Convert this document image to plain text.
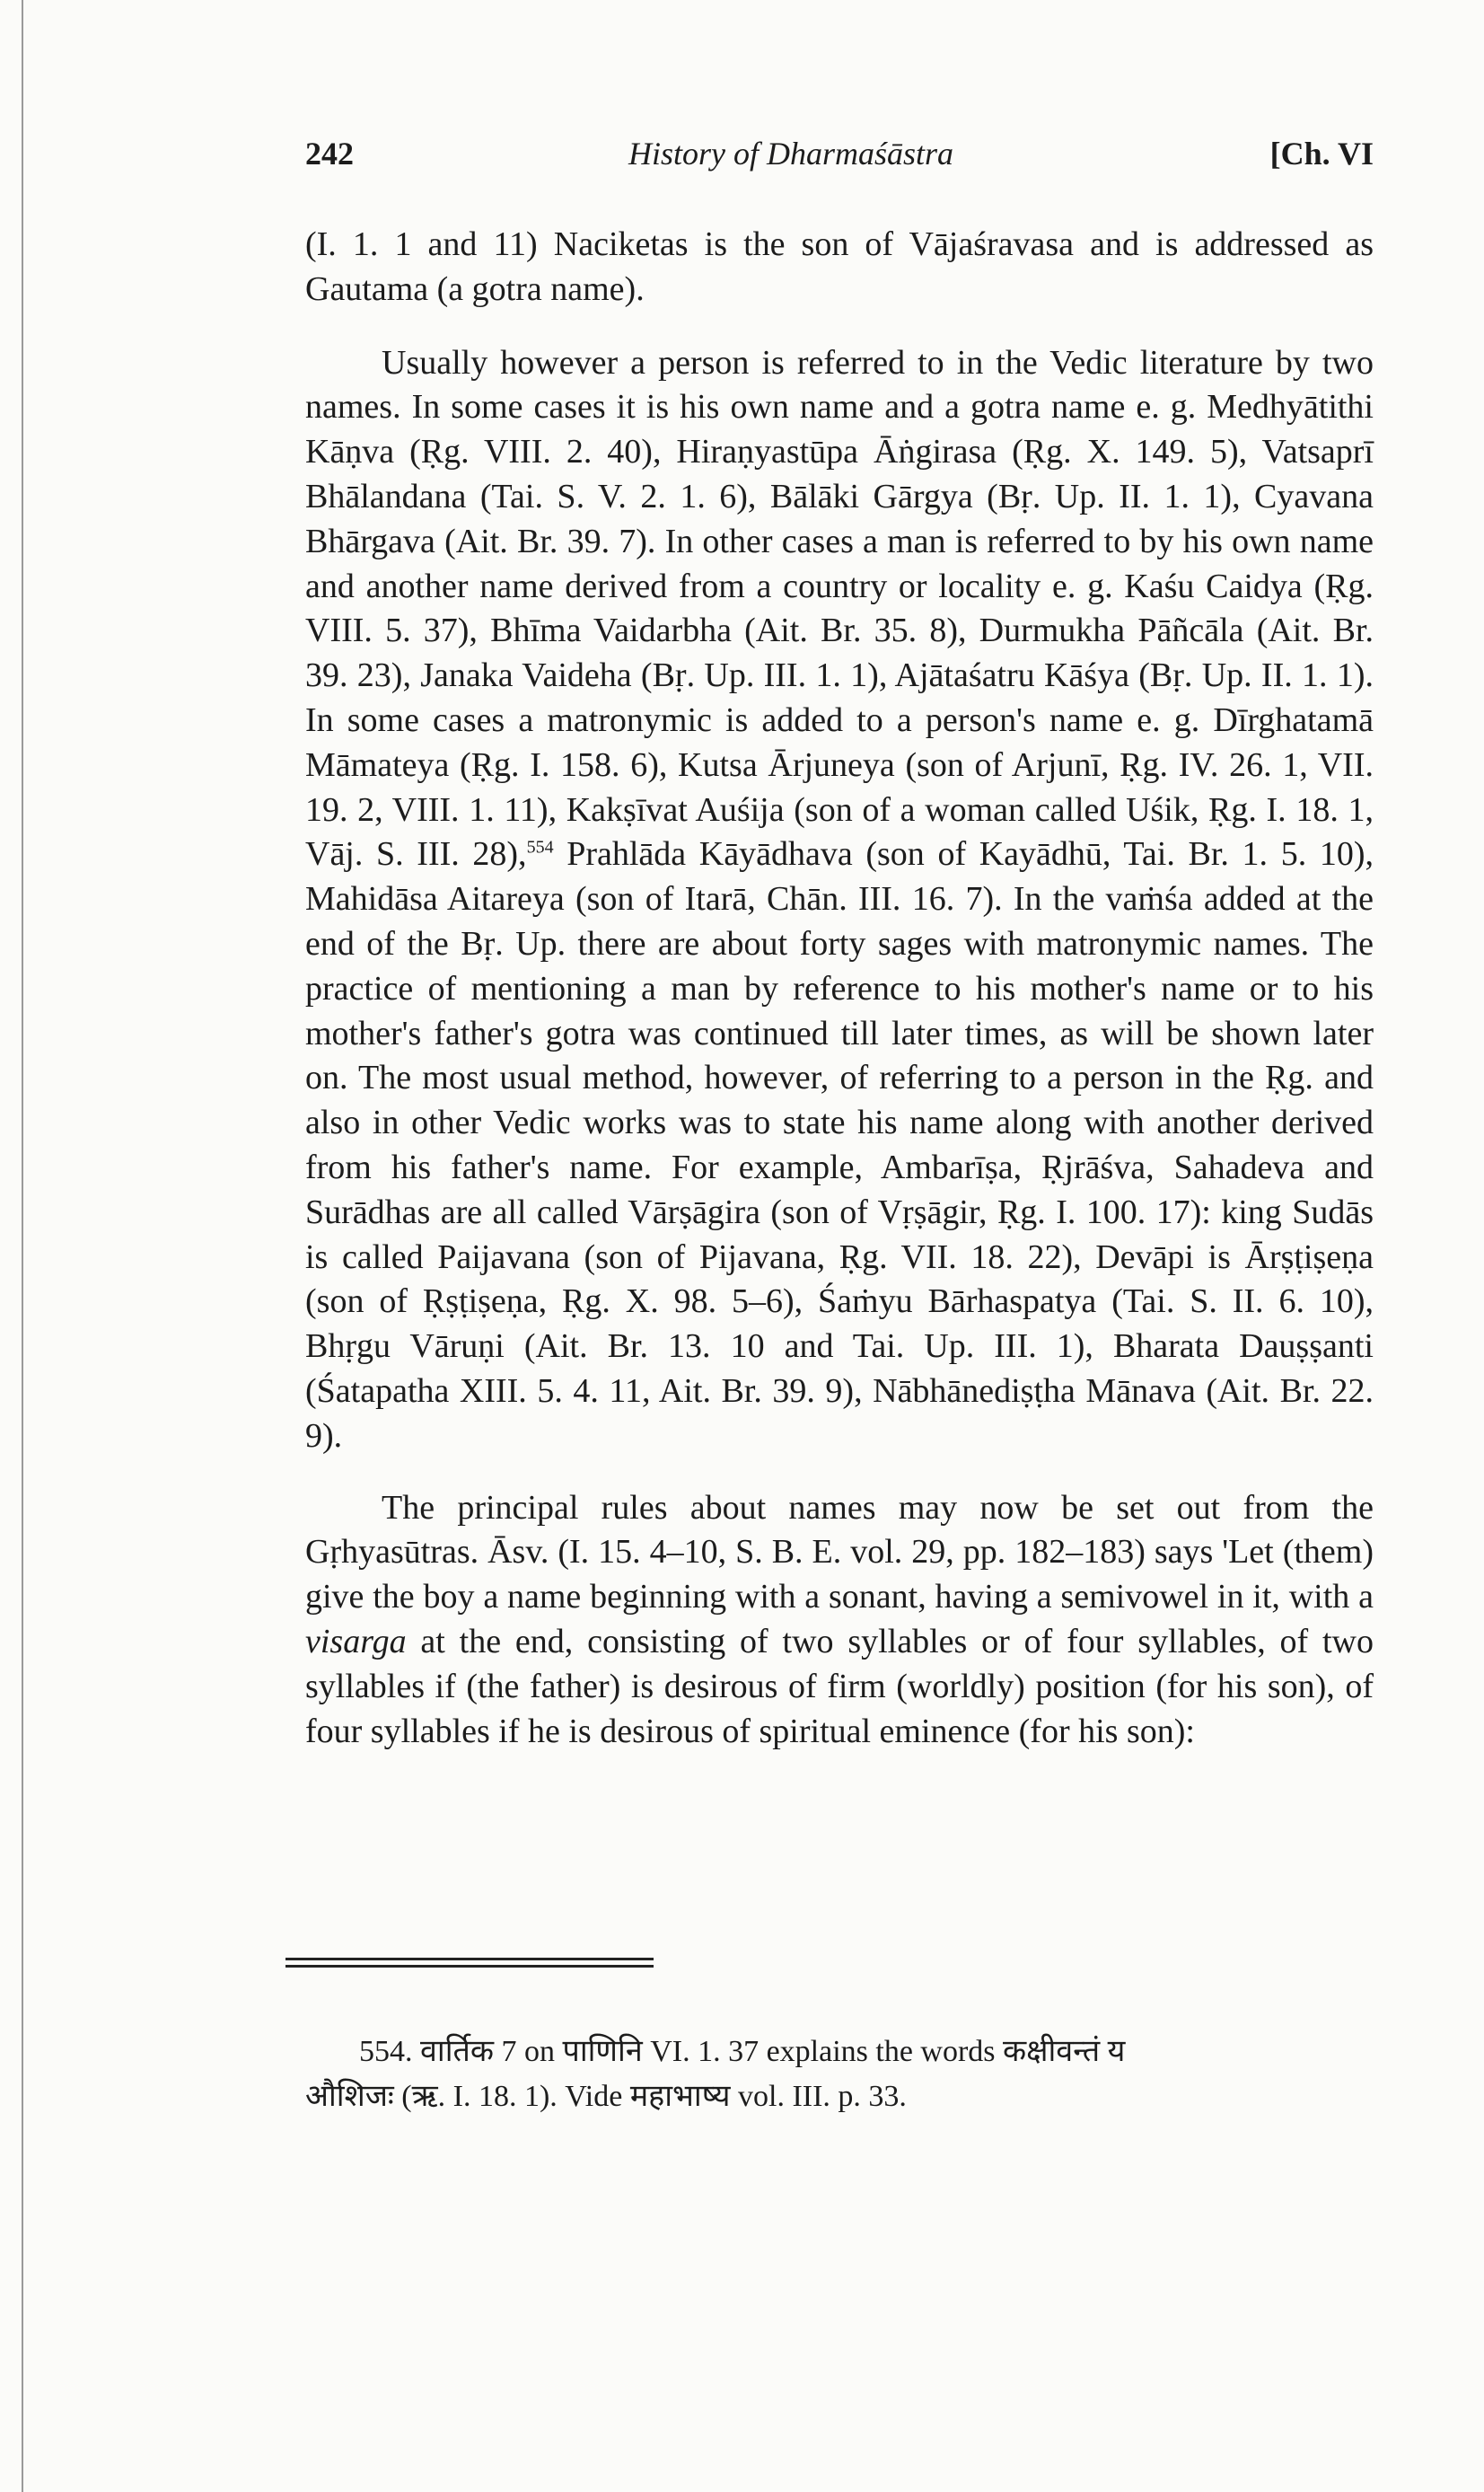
242	History of Dharmaśāstra	[Ch. VI

(I. 1. 1 and 11) Naciketas is the son of Vājaśravasa and is addressed as Gautama (a gotra name).

Usually however a person is referred to in the Vedic literature by two names. In some cases it is his own name and a gotra name e. g. Medhyātithi Kāṇva (Ṛg. VIII. 2. 40), Hiraṇyastūpa Āṅgirasa (Ṛg. X. 149. 5), Vatsaprī Bhālandana (Tai. S. V. 2. 1. 6), Bālāki Gārgya (Bṛ. Up. II. 1. 1), Cyavana Bhārgava (Ait. Br. 39. 7). In other cases a man is referred to by his own name and another name derived from a country or locality e. g. Kaśu Caidya (Ṛg. VIII. 5. 37), Bhīma Vaidarbha (Ait. Br. 35. 8), Durmukha Pāñcāla (Ait. Br. 39. 23), Janaka Vaideha (Bṛ. Up. III. 1. 1), Ajātaśatru Kāśya (Bṛ. Up. II. 1. 1). In some cases a matronymic is added to a person's name e. g. Dīrghatamā Māmateya (Ṛg. I. 158. 6), Kutsa Ārjuneya (son of Arjunī, Ṛg. IV. 26. 1, VII. 19. 2, VIII. 1. 11), Kakṣīvat Auśija (son of a woman called Uśik, Ṛg. I. 18. 1, Vāj. S. III. 28),$^{554}$ Prahlāda Kāyādhava (son of Kayādhū, Tai. Br. 1. 5. 10), Mahidāsa Aitareya (son of Itarā, Chān. III. 16. 7). In the vaṁśa added at the end of the Bṛ. Up. there are about forty sages with matronymic names. The practice of mentioning a man by reference to his mother's name or to his mother's father's gotra was continued till later times, as will be shown later on. The most usual method, however, of referring to a person in the Ṛg. and also in other Vedic works was to state his name along with another derived from his father's name. For example, Ambarīṣa, Ṛjrāśva, Sahadeva and Surādhas are all called Vārṣāgira (son of Vṛṣāgir, Ṛg. I. 100. 17): king Sudās is called Paijavana (son of Pijavana, Ṛg. VII. 18. 22), Devāpi is Ārṣṭiṣeṇa (son of Ṛṣṭiṣeṇa, Ṛg. X. 98. 5–6), Śaṁyu Bārhaspatya (Tai. S. II. 6. 10), Bhṛgu Vāruṇi (Ait. Br. 13. 10 and Tai. Up. III. 1), Bharata Dauṣṣanti (Śatapatha XIII. 5. 4. 11, Ait. Br. 39. 9), Nābhānediṣṭha Mānava (Ait. Br. 22. 9).

The principal rules about names may now be set out from the Gṛhyasūtras. Āsv. (I. 15. 4–10, S. B. E. vol. 29, pp. 182–183) says 'Let (them) give the boy a name beginning with a sonant, having a semivowel in it, with a visarga at the end, consisting of two syllables or of four syllables, of two syllables if (the father) is desirous of firm (worldly) position (for his son), of four syllables if he is desirous of spiritual eminence (for his son):

554. वार्तिक 7 on पाणिनि VI. 1. 37 explains the words कक्षीवन्तं य

औशिजः (ऋ. I. 18. 1). Vide महाभाष्य vol. III. p. 33.
